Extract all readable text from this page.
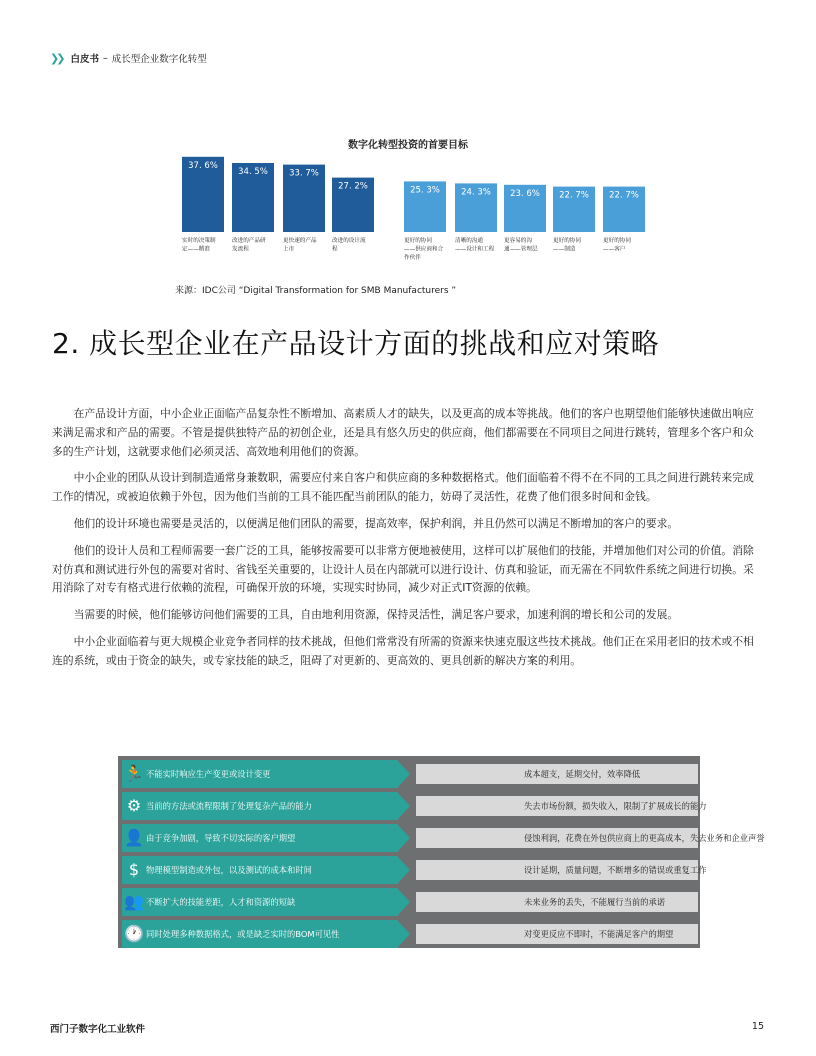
❯❯ 白皮书 – 成长型企业数字化转型
数字化转型投资的首要目标
37. 6%
实时的决策制
定——精准
34. 5%
改进的产品研
发流程
33. 7%
更快速的产品
上市
27. 2%
改进的设计流
程
25. 3%
更好的协同
——供应商和合
作伙伴
24. 3%
清晰的沟通
——设计和工程
23. 6%
更容易的沟
通——管理层
22. 7%
更好的协同
——制造
22. 7%
更好的协同
——客户
来源：IDC公司 “Digital Transformation for SMB Manufacturers ”
2. 成长型企业在产品设计方面的挑战和应对策略

在产品设计方面，中小企业正面临产品复杂性不断增加、高素质人才的缺失，以及更高的成本等挑战。他们的客户也期望他们能够快速做出响应来满足需求和产品的需要。不管是提供独特产品的初创企业，还是具有悠久历史的供应商，他们都需要在不同项目之间进行跳转，管理多个客户和众多的生产计划，这就要求他们必须灵活、高效地利用他们的资源。

中小企业的团队从设计到制造通常身兼数职，需要应付来自客户和供应商的多种数据格式。他们面临着不得不在不同的工具之间进行跳转来完成工作的情况，或被迫依赖于外包，因为他们当前的工具不能匹配当前团队的能力，妨碍了灵活性，花费了他们很多时间和金钱。

他们的设计环境也需要是灵活的，以便满足他们团队的需要，提高效率，保护利润，并且仍然可以满足不断增加的客户的要求。

他们的设计人员和工程师需要一套广泛的工具，能够按需要可以非常方便地被使用，这样可以扩展他们的技能，并增加他们对公司的价值。消除对仿真和测试进行外包的需要对省时、省钱至关重要的，让设计人员在内部就可以进行设计、仿真和验证，而无需在不同软件系统之间进行切换。采用消除了对专有格式进行依赖的流程，可确保开放的环境，实现实时协同，减少对正式IT资源的依赖。

当需要的时候，他们能够访问他们需要的工具，自由地利用资源，保持灵活性，满足客户要求，加速利润的增长和公司的发展。

中小企业面临着与更大规模企业竞争者同样的技术挑战，但他们常常没有所需的资源来快速克服这些技术挑战。他们正在采用老旧的技术或不相连的系统，或由于资金的缺失，或专家技能的缺乏，阻碍了对更新的、更高效的、更具创新的解决方案的利用。

🏃 不能实时响应生产变更或设计变更	成本超支，延期交付，效率降低
⚙ 当前的方法或流程限制了处理复杂产品的能力	失去市场份额，损失收入，限制了扩展成长的能力
👤 由于竞争加剧，导致不切实际的客户期望	侵蚀利润，花费在外包供应商上的更高成本，失去业务和企业声誉
$ 物理模型制造或外包，以及测试的成本和时间	设计延期，质量问题，不断增多的错误或重复工作
👥 不断扩大的技能差距，人才和资源的短缺	未来业务的丢失，不能履行当前的承诺
🕐 同时处理多种数据格式，或是缺乏实时的BOM可见性	对变更反应不即时，不能满足客户的期望
西门子数字化工业软件	15
